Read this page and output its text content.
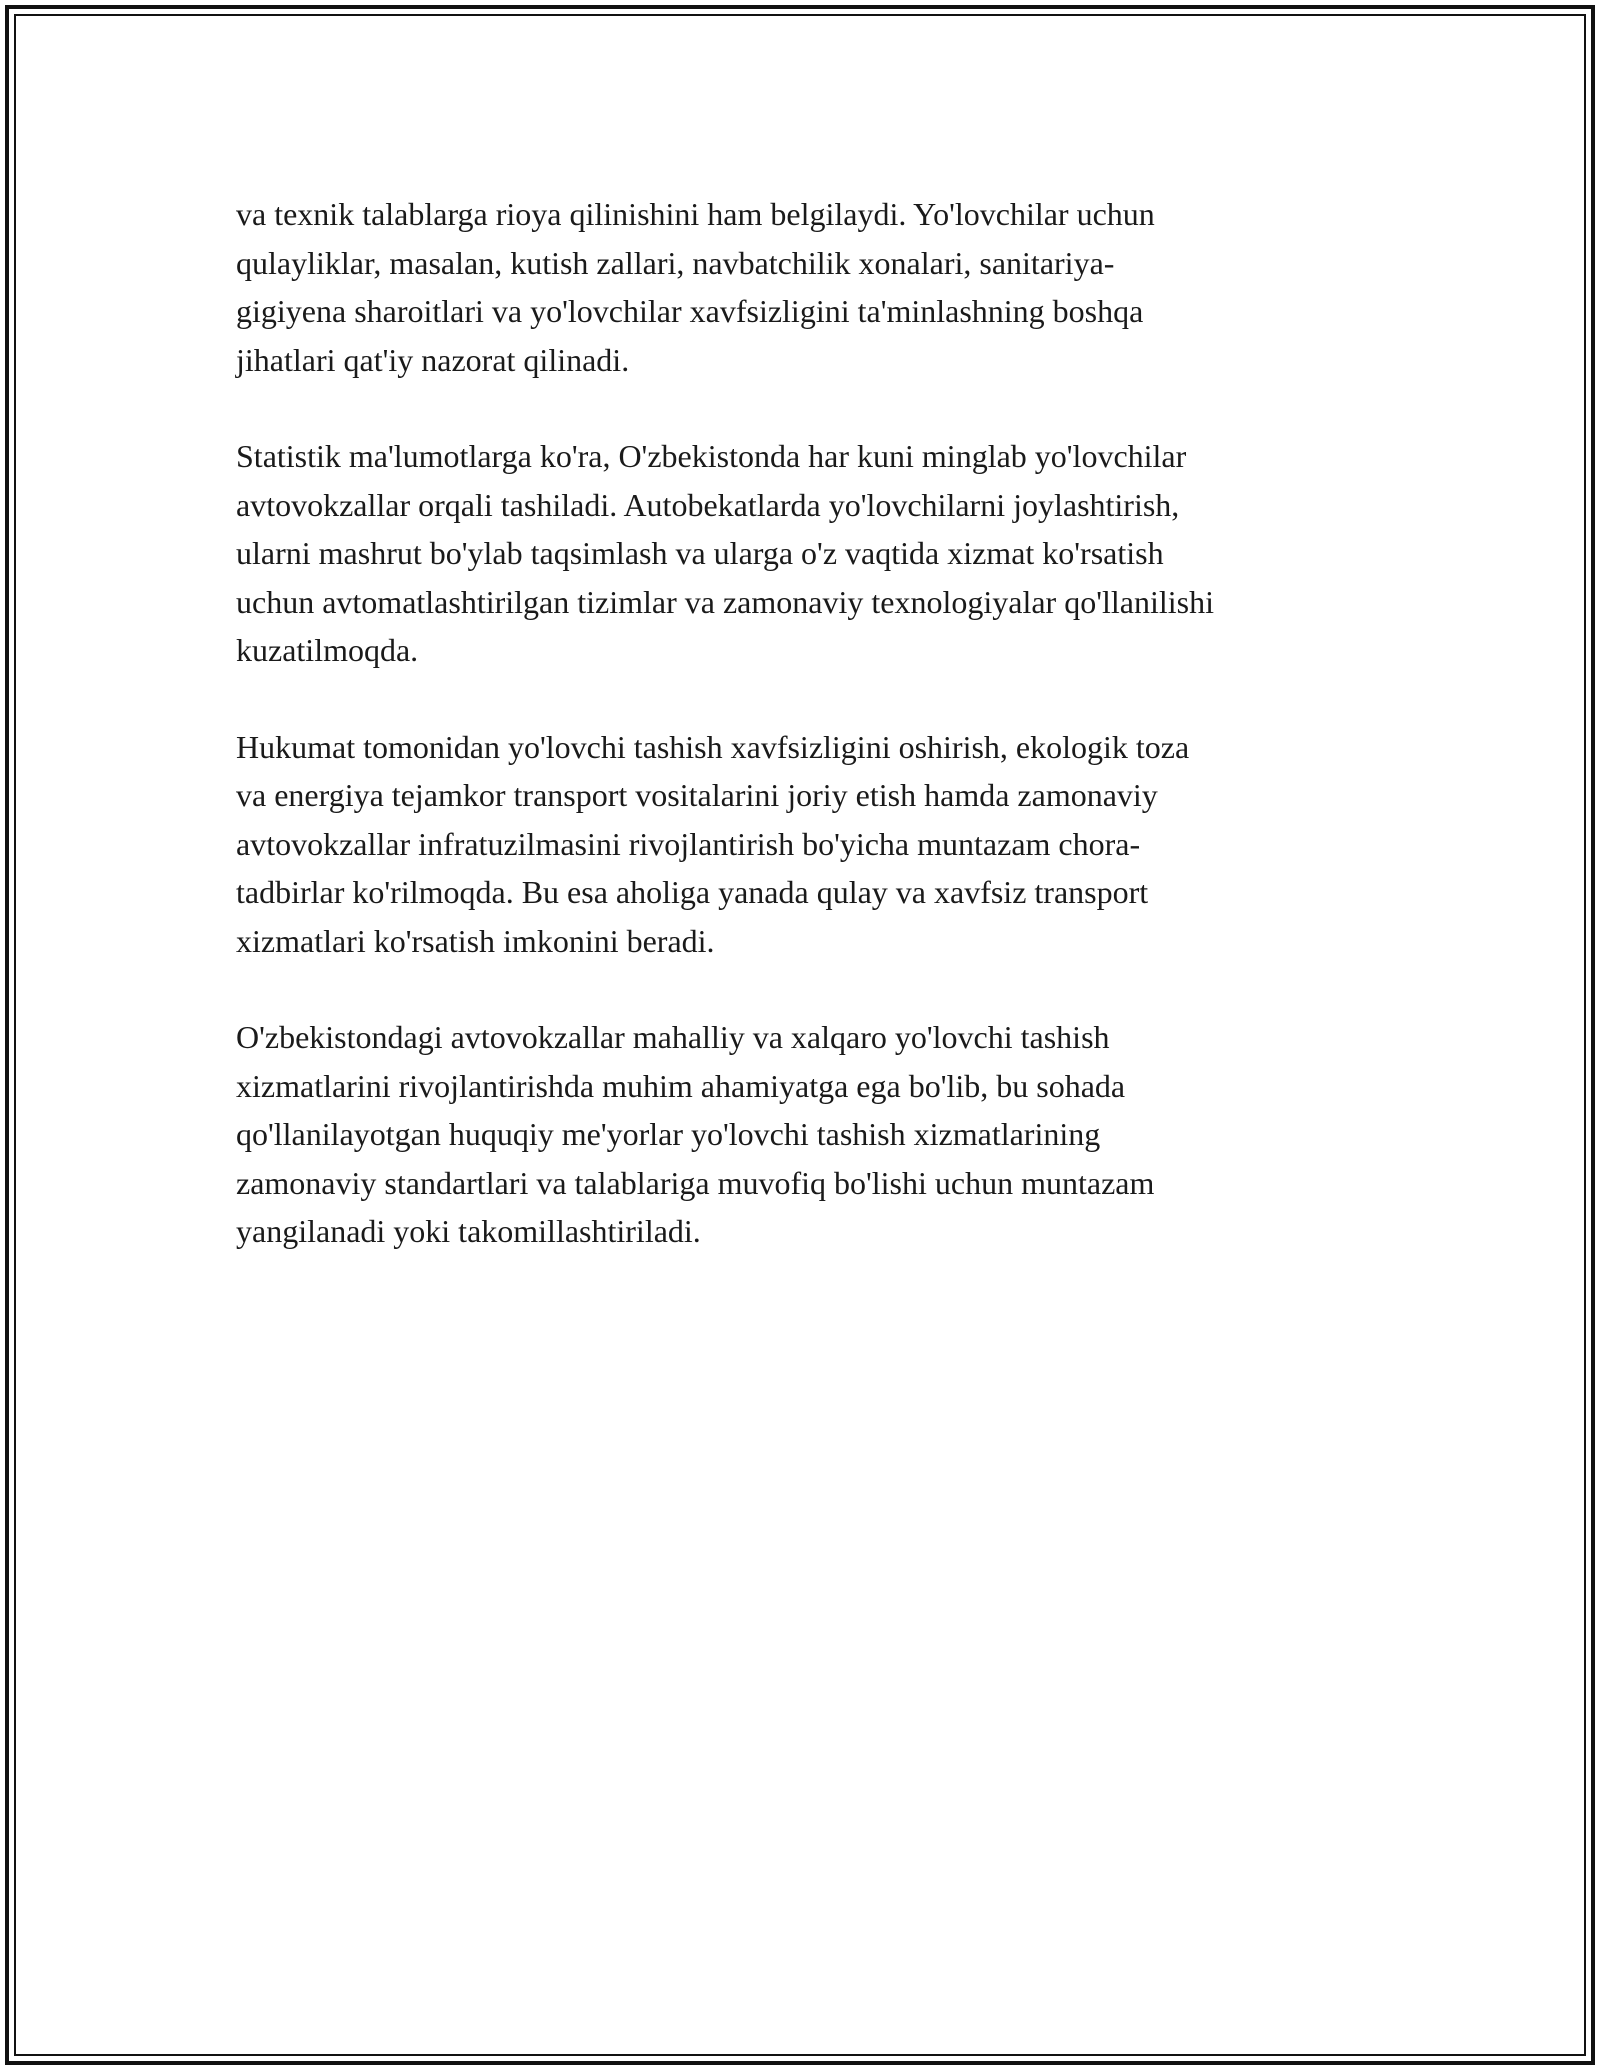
va texnik talablarga rioya qilinishini ham belgilaydi. Yo'lovchilar uchun
qulayliklar, masalan, kutish zallari, navbatchilik xonalari, sanitariya-
gigiyena sharoitlari va yo'lovchilar xavfsizligini ta'minlashning boshqa
jihatlari qat'iy nazorat qilinadi.

Statistik ma'lumotlarga ko'ra, O'zbekistonda har kuni minglab yo'lovchilar
avtovokzallar orqali tashiladi. Autobekatlarda yo'lovchilarni joylashtirish,
ularni mashrut bo'ylab taqsimlash va ularga o'z vaqtida xizmat ko'rsatish
uchun avtomatlashtirilgan tizimlar va zamonaviy texnologiyalar qo'llanilishi
kuzatilmoqda.

Hukumat tomonidan yo'lovchi tashish xavfsizligini oshirish, ekologik toza
va energiya tejamkor transport vositalarini joriy etish hamda zamonaviy
avtovokzallar infratuzilmasini rivojlantirish bo'yicha muntazam chora-
tadbirlar ko'rilmoqda. Bu esa aholiga yanada qulay va xavfsiz transport
xizmatlari ko'rsatish imkonini beradi.

O'zbekistondagi avtovokzallar mahalliy va xalqaro yo'lovchi tashish
xizmatlarini rivojlantirishda muhim ahamiyatga ega bo'lib, bu sohada
qo'llanilayotgan huquqiy me'yorlar yo'lovchi tashish xizmatlarining
zamonaviy standartlari va talablariga muvofiq bo'lishi uchun muntazam
yangilanadi yoki takomillashtiriladi.
